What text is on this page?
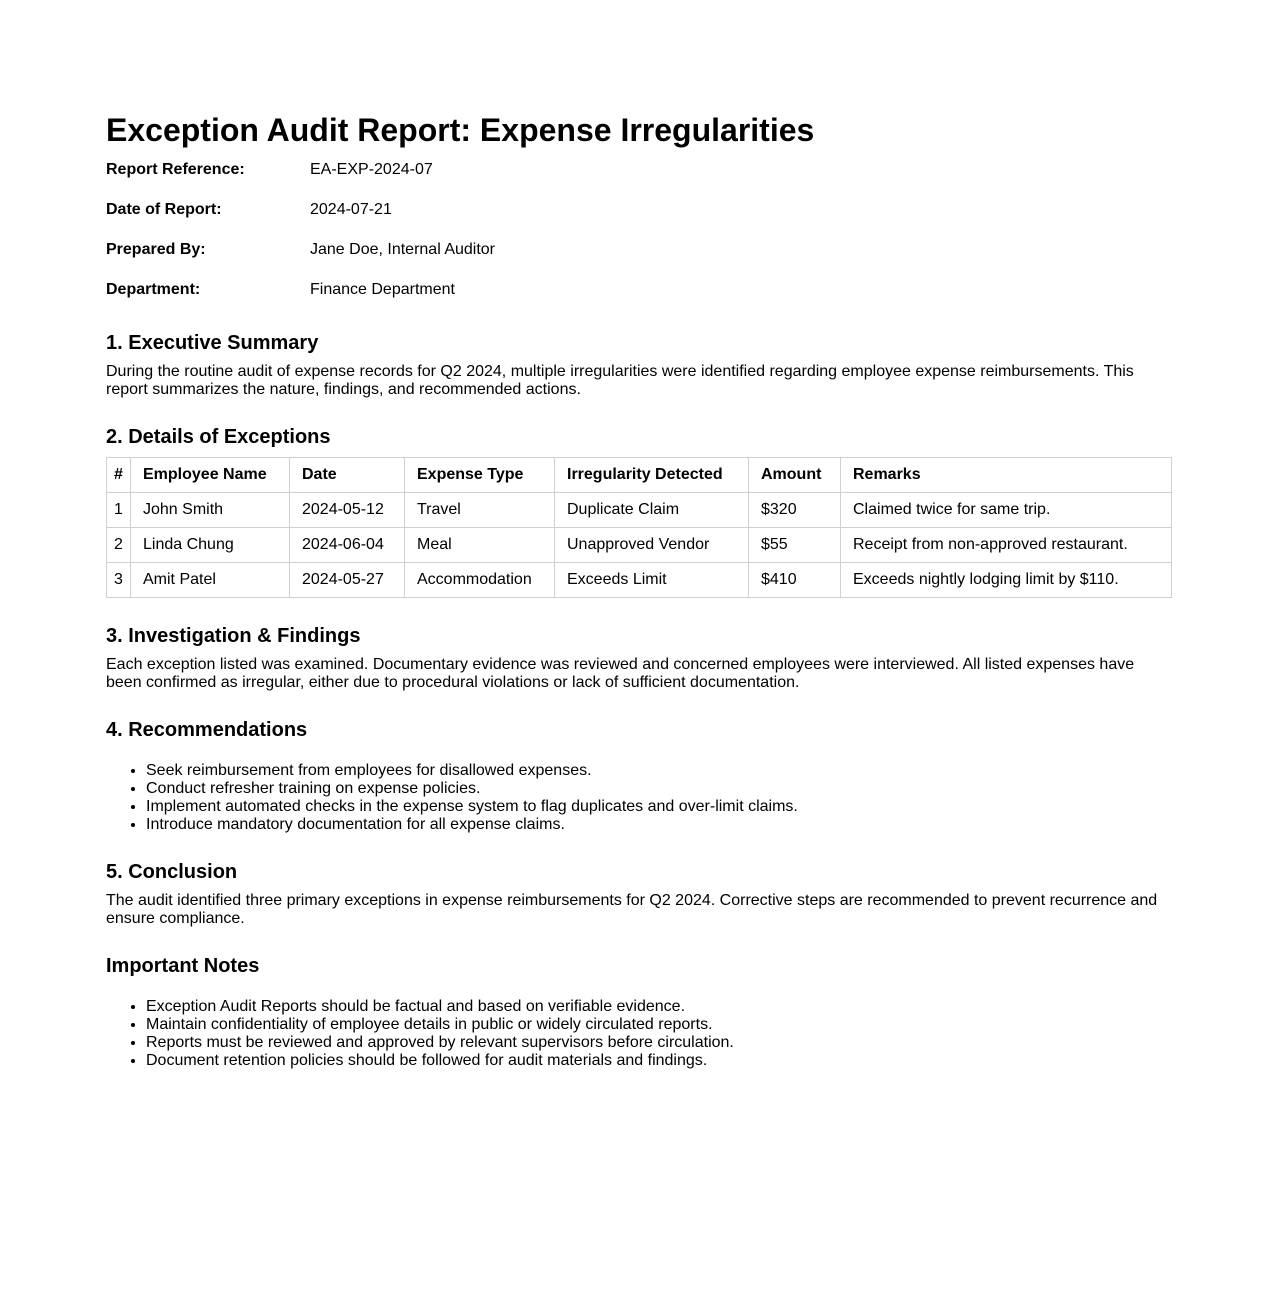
Exception Audit Report: Expense Irregularities
Report Reference:	EA-EXP-2024-07
Date of Report:	2024-07-21
Prepared By:	Jane Doe, Internal Auditor
Department:	Finance Department
1. Executive Summary

During the routine audit of expense records for Q2 2024, multiple irregularities were identified regarding employee expense reimbursements. This report summarizes the nature, findings, and recommended actions.

2. Details of Exceptions
#	Employee Name	Date	Expense Type	Irregularity Detected	Amount	Remarks
1	John Smith	2024-05-12	Travel	Duplicate Claim	$320	Claimed twice for same trip.
2	Linda Chung	2024-06-04	Meal	Unapproved Vendor	$55	Receipt from non-approved restaurant.
3	Amit Patel	2024-05-27	Accommodation	Exceeds Limit	$410	Exceeds nightly lodging limit by $110.
3. Investigation & Findings

Each exception listed was examined. Documentary evidence was reviewed and concerned employees were interviewed. All listed expenses have been confirmed as irregular, either due to procedural violations or lack of sufficient documentation.

4. Recommendations
• Seek reimbursement from employees for disallowed expenses.
• Conduct refresher training on expense policies.
• Implement automated checks in the expense system to flag duplicates and over-limit claims.
• Introduce mandatory documentation for all expense claims.
5. Conclusion

The audit identified three primary exceptions in expense reimbursements for Q2 2024. Corrective steps are recommended to prevent recurrence and ensure compliance.

Important Notes
• Exception Audit Reports should be factual and based on verifiable evidence.
• Maintain confidentiality of employee details in public or widely circulated reports.
• Reports must be reviewed and approved by relevant supervisors before circulation.
• Document retention policies should be followed for audit materials and findings.
